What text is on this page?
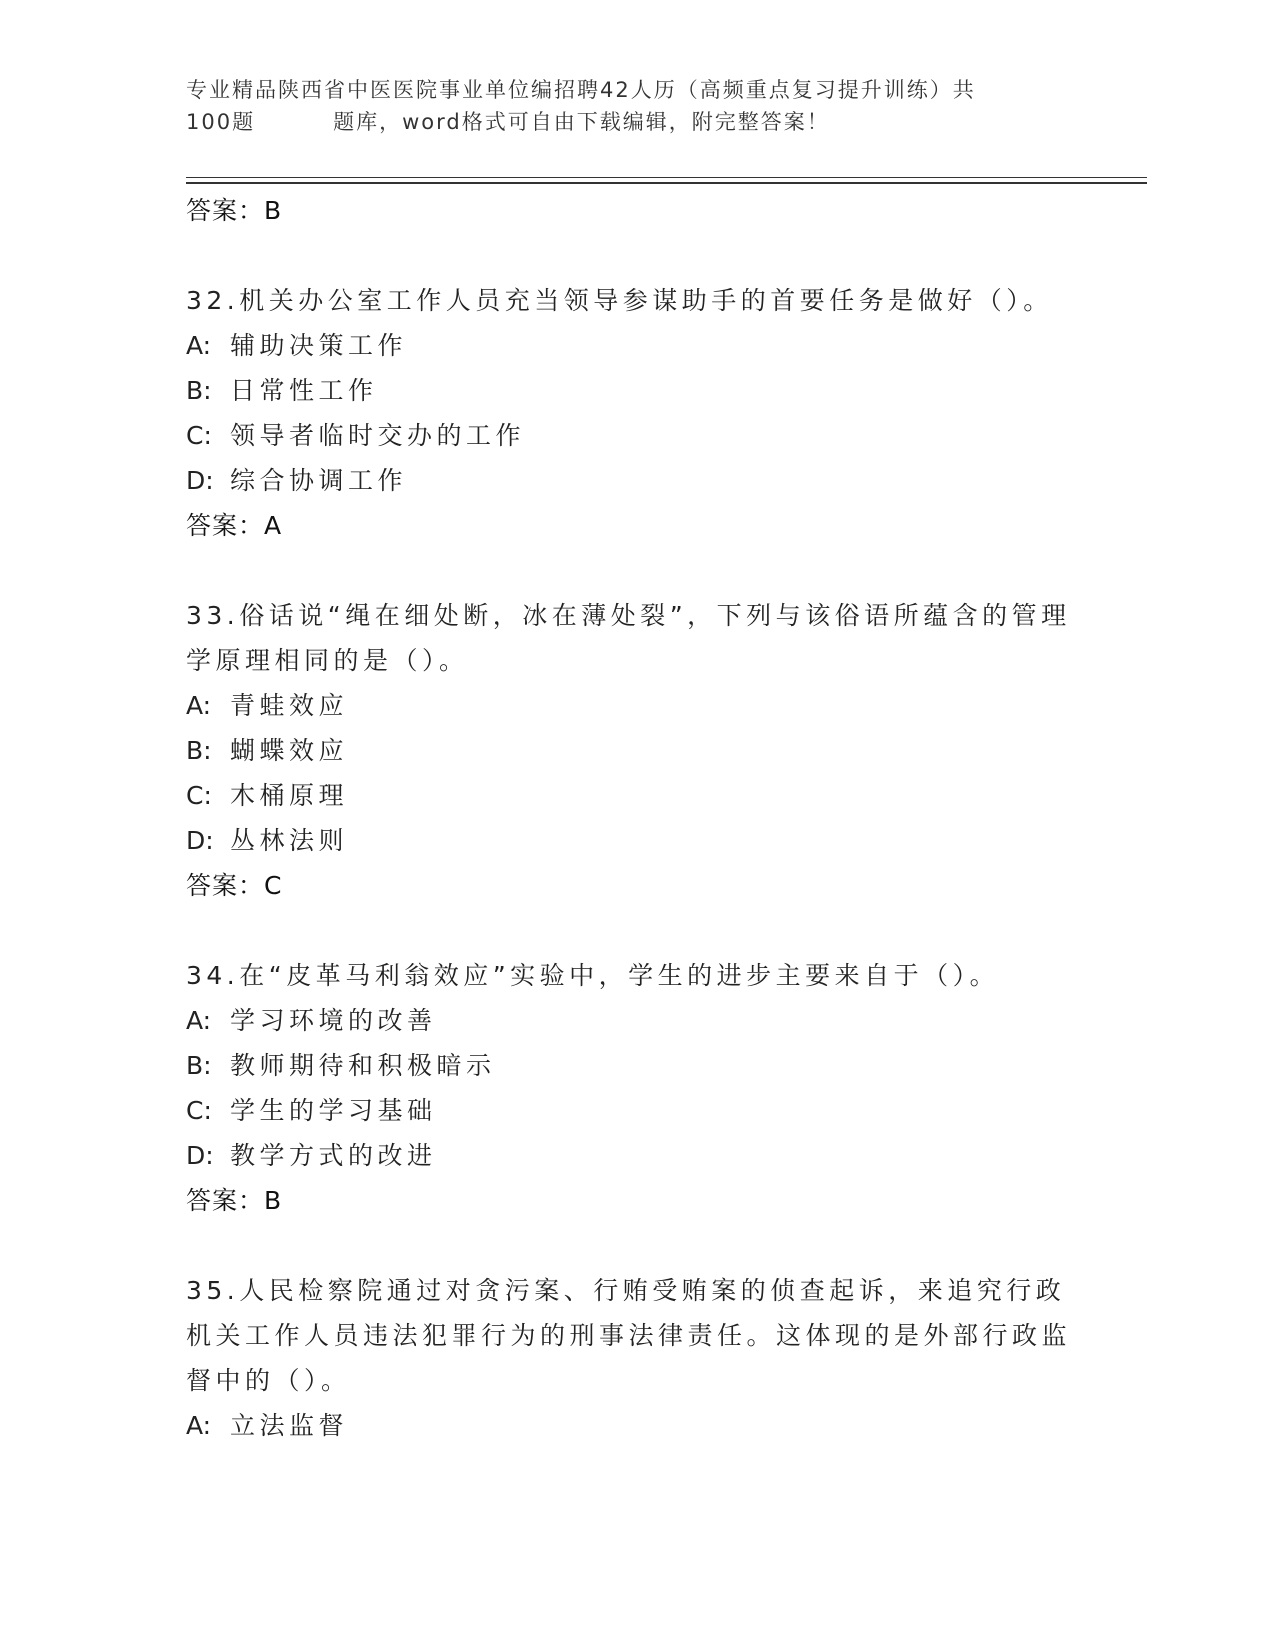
专业精品陕西省中医医院事业单位编招聘42人历（高频重点复习提升训练）共
100题	题库，word格式可自由下载编辑，附完整答案！
答案：B
32.机关办公室工作人员充当领导参谋助手的首要任务是做好（）。
A: 辅助决策工作
B: 日常性工作
C: 领导者临时交办的工作
D: 综合协调工作
答案：A
33.俗话说“绳在细处断，冰在薄处裂”，下列与该俗语所蕴含的管理学原理相同的是（）。
A: 青蛙效应
B: 蝴蝶效应
C: 木桶原理
D: 丛林法则
答案：C
34.在“皮革马利翁效应”实验中，学生的进步主要来自于（）。
A: 学习环境的改善
B: 教师期待和积极暗示
C: 学生的学习基础
D: 教学方式的改进
答案：B
35.人民检察院通过对贪污案、行贿受贿案的侦查起诉，来追究行政机关工作人员违法犯罪行为的刑事法律责任。这体现的是外部行政监督中的（）。
A: 立法监督
